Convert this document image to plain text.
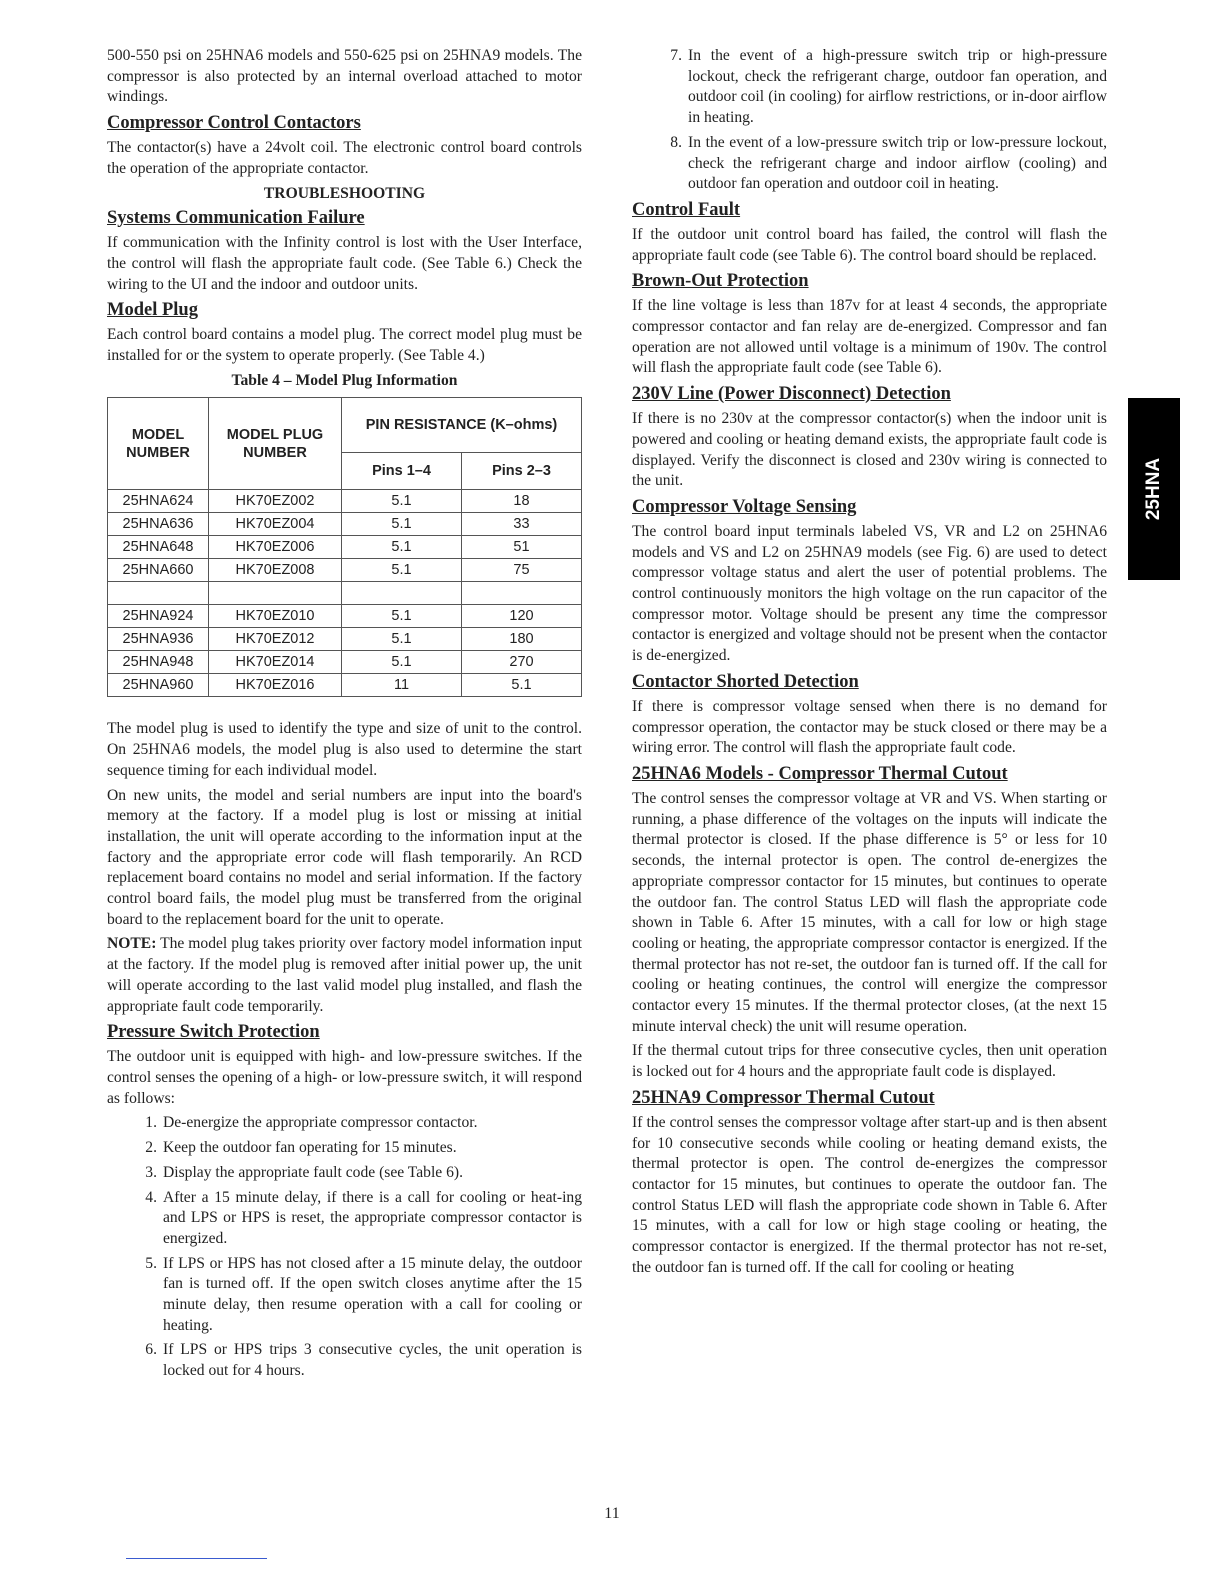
500-550 psi on 25HNA6 models and 550-625 psi on 25HNA9 models. The compressor is also protected by an internal overload attached to motor windings.

Compressor Control Contactors

The contactor(s) have a 24volt coil. The electronic control board controls the operation of the appropriate contactor.

TROUBLESHOOTING
Systems Communication Failure

If communication with the Infinity control is lost with the User Interface, the control will flash the appropriate fault code. (See Table 6.) Check the wiring to the UI and the indoor and outdoor units.

Model Plug

Each control board contains a model plug. The correct model plug must be installed for or the system to operate properly. (See Table 4.)

Table 4 – Model Plug Information
MODEL NUMBER	MODEL PLUG NUMBER	PIN RESISTANCE (K–ohms)	
		Pins 1–4	Pins 2–3
25HNA624	HK70EZ002	5.1	18
25HNA636	HK70EZ004	5.1	33
25HNA648	HK70EZ006	5.1	51
25HNA660	HK70EZ008	5.1	75

25HNA924	HK70EZ010	5.1	120
25HNA936	HK70EZ012	5.1	180
25HNA948	HK70EZ014	5.1	270
25HNA960	HK70EZ016	11	5.1

The model plug is used to identify the type and size of unit to the control. On 25HNA6 models, the model plug is also used to determine the start sequence timing for each individual model.

On new units, the model and serial numbers are input into the board's memory at the factory. If a model plug is lost or missing at initial installation, the unit will operate according to the information input at the factory and the appropriate error code will flash temporarily. An RCD replacement board contains no model and serial information. If the factory control board fails, the model plug must be transferred from the original board to the replacement board for the unit to operate.

NOTE: The model plug takes priority over factory model information input at the factory. If the model plug is removed after initial power up, the unit will operate according to the last valid model plug installed, and flash the appropriate fault code temporarily.

Pressure Switch Protection

The outdoor unit is equipped with high- and low-pressure switches. If the control senses the opening of a high- or low-pressure switch, it will respond as follows:

1. De-energize the appropriate compressor contactor.
2. Keep the outdoor fan operating for 15 minutes.
3. Display the appropriate fault code (see Table 6).
4. After a 15 minute delay, if there is a call for cooling or heat-ing and LPS or HPS is reset, the appropriate compressor contactor is energized.
5. If LPS or HPS has not closed after a 15 minute delay, the outdoor fan is turned off. If the open switch closes anytime after the 15 minute delay, then resume operation with a call for cooling or heating.
6. If LPS or HPS trips 3 consecutive cycles, the unit operation is locked out for 4 hours.
7. In the event of a high-pressure switch trip or high-pressure lockout, check the refrigerant charge, outdoor fan operation, and outdoor coil (in cooling) for airflow restrictions, or in-door airflow in heating.
8. In the event of a low-pressure switch trip or low-pressure lockout, check the refrigerant charge and indoor airflow (cooling) and outdoor fan operation and outdoor coil in heating.
Control Fault

If the outdoor unit control board has failed, the control will flash the appropriate fault code (see Table 6). The control board should be replaced.

Brown-Out Protection

If the line voltage is less than 187v for at least 4 seconds, the appropriate compressor contactor and fan relay are de-energized. Compressor and fan operation are not allowed until voltage is a minimum of 190v. The control will flash the appropriate fault code (see Table 6).

230V Line (Power Disconnect) Detection

If there is no 230v at the compressor contactor(s) when the indoor unit is powered and cooling or heating demand exists, the appropriate fault code is displayed. Verify the disconnect is closed and 230v wiring is connected to the unit.

Compressor Voltage Sensing

The control board input terminals labeled VS, VR and L2 on 25HNA6 models and VS and L2 on 25HNA9 models (see Fig. 6) are used to detect compressor voltage status and alert the user of potential problems. The control continuously monitors the high voltage on the run capacitor of the compressor motor. Voltage should be present any time the compressor contactor is energized and voltage should not be present when the contactor is de-energized.

Contactor Shorted Detection

If there is compressor voltage sensed when there is no demand for compressor operation, the contactor may be stuck closed or there may be a wiring error. The control will flash the appropriate fault code.

25HNA6 Models - Compressor Thermal Cutout

The control senses the compressor voltage at VR and VS. When starting or running, a phase difference of the voltages on the inputs will indicate the thermal protector is closed. If the phase difference is 5° or less for 10 seconds, the internal protector is open. The control de-energizes the appropriate compressor contactor for 15 minutes, but continues to operate the outdoor fan. The control Status LED will flash the appropriate code shown in Table 6. After 15 minutes, with a call for low or high stage cooling or heating, the appropriate compressor contactor is energized. If the thermal protector has not re-set, the outdoor fan is turned off. If the call for cooling or heating continues, the control will energize the compressor contactor every 15 minutes. If the thermal protector closes, (at the next 15 minute interval check) the unit will resume operation.

If the thermal cutout trips for three consecutive cycles, then unit operation is locked out for 4 hours and the appropriate fault code is displayed.

25HNA9 Compressor Thermal Cutout

If the control senses the compressor voltage after start-up and is then absent for 10 consecutive seconds while cooling or heating demand exists, the thermal protector is open. The control de-energizes the compressor contactor for 15 minutes, but continues to operate the outdoor fan. The control Status LED will flash the appropriate code shown in Table 6. After 15 minutes, with a call for low or high stage cooling or heating, the compressor contactor is energized. If the thermal protector has not re-set, the outdoor fan is turned off. If the call for cooling or heating

25HNA
11
